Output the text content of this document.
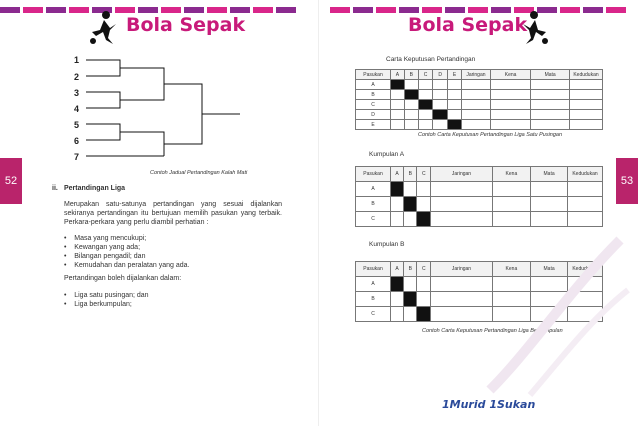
Bola Sepak	Bola Sepak
52	53
1
2
3
4
5
6
7
Contoh Jadual Pertandingan Kalah Mati
ii. Pertandingan Liga
Merupakan satu-satunya pertandingan yang sesuai dijalankan sekiranya pertandingan itu bertujuan memilih pasukan yang terbaik. Perkara-perkara yang perlu diambil perhatian :
•    Masa yang mencukupi;
•    Kewangan yang ada;
•    Bilangan pengadil; dan
•    Kemudahan dan peralatan yang ada.
Pertandingan boleh dijalankan dalam:
•    Liga satu pusingan; dan
•    Liga berkumpulan;
Carta Keputusan Pertandingan
Pasukan	A	B	C	D	E	Jaringan	Kena	Mata	Kedudukan
A									
B									
C									
D									
E									
Contoh Carta Keputusan Pertandingan Liga Satu Pusingan
Kumpulan A
Pasukan	A	B	C	Jaringan	Kena	Mata	Kedudukan
A							
B							
C							
Kumpulan B
Pasukan	A	B	C	Jaringan	Kena	Mata	Kedudukan
A							
B							
C							
Contoh Carta Keputusan Pertandingan Liga Berkumpulan
1Murid 1Sukan
